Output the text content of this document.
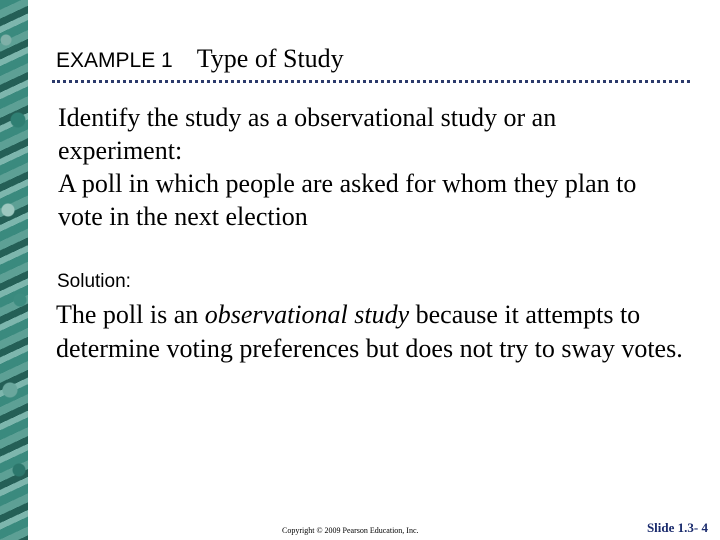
EXAMPLE 1 Type of Study
Identify the study as a observational study or an
experiment:
A poll in which people are asked for whom they plan to
vote in the next election
Solution:
The poll is an observational study because it attempts to determine voting preferences but does not try to sway votes.
Copyright © 2009 Pearson Education, Inc.	Slide 1.3- 4
